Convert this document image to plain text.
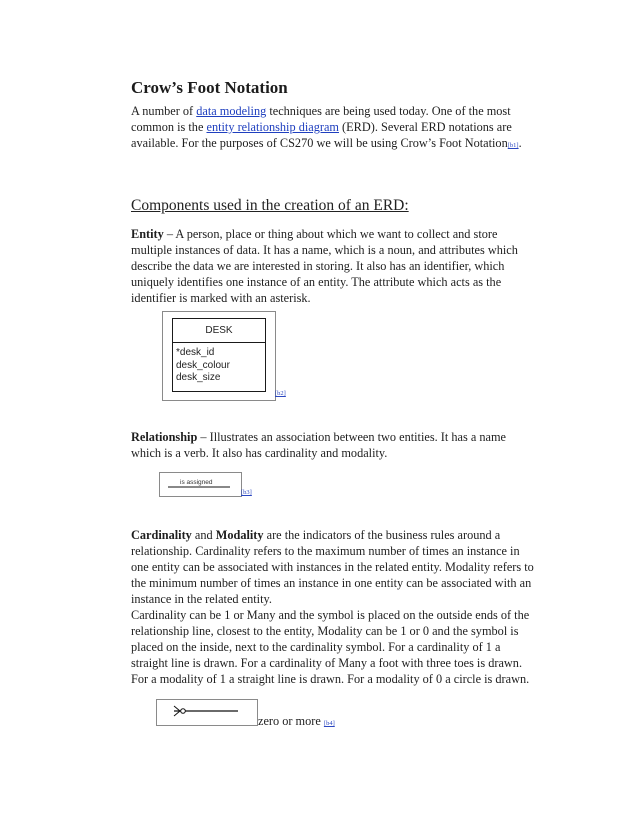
Crow’s Foot Notation

A number of data modeling techniques are being used today. One of the most

common is the entity relationship diagram (ERD). Several ERD notations are

available. For the purposes of CS270 we will be using Crow’s Foot Notation[b1].

Components used in the creation of an ERD:

Entity – A person, place or thing about which we want to collect and store

multiple instances of data. It has a name, which is a noun, and attributes which

describe the data we are interested in storing. It also has an identifier, which

uniquely identifies one instance of an entity. The attribute which acts as the

identifier is marked with an asterisk.

DESK
*desk_id
desk_colour
desk_size
[b2]

Relationship – Illustrates an association between two entities. It has a name

which is a verb. It also has cardinality and modality.

is assigned
[b3]

Cardinality and Modality are the indicators of the business rules around a

relationship. Cardinality refers to the maximum number of times an instance in

one entity can be associated with instances in the related entity. Modality refers to

the minimum number of times an instance in one entity can be associated with an

instance in the related entity.

Cardinality can be 1 or Many and the symbol is placed on the outside ends of the

relationship line, closest to the entity, Modality can be 1 or 0 and the symbol is

placed on the inside, next to the cardinality symbol. For a cardinality of 1 a

straight line is drawn. For a cardinality of Many a foot with three toes is drawn.

For a modality of 1 a straight line is drawn. For a modality of 0 a circle is drawn.

zero or more [b4]
